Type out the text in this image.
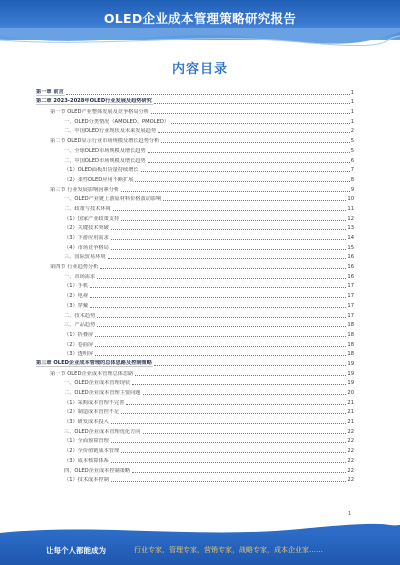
OLED企业成本管理策略研究报告
内容目录
第一章 前言	1
第二章 2023-2028年OLED行业发展及趋势研究	1
第一节 OLED产业整体发展及竞争格局分析	1
一、OLED分类情况（AMOLED、PMOLED）	1
二、中国OLED行业现状及未来发展趋势	2
第二节 OLED显示行业市场规模及增长趋势分析	5
一、全球OLED市场规模及增长趋势	5
二、中国OLED市场规模及增长趋势	6
（1）OLED面板出货量持续增长	7
（2）柔性OLED应用不断扩展	8
第三节 行业发展影响因素分析	9
一、OLED产业链上游原材料价格波动影响	10
二、政策与技术环境	11
（1）国家产业政策支持	12
（2）关键技术突破	13
（3）下游应用需求	14
（4）市场竞争格局	15
三、国际贸易环境	16
第四节 行业趋势分析	16
一、市场需求	16
（1）手机	17
（2）电视	17
（3）穿戴	17
二、技术趋势	17
三、产品趋势	18
（1）折叠屏	18
（2）卷曲屏	18
（3）透明屏	18
第三章 OLED企业成本管理的总体思路及控制策略	19
第一节 OLED企业成本管理总体思路	19
一、OLED企业成本管理现状	19
二、OLED企业成本管理主要问题	20
（1）采购成本管理不完善	21
（2）制造成本管控不足	21
（3）研发成本投入	21
三、OLED企业成本管理优化方向	22
（1）全面预算管理	22
（2）全价值链成本管理	22
（3）成本核算体系	22
四、OLED企业成本控制策略	22
（1）技术成本控制	22
1
让每个人都能成为	行业专家，管理专家，营销专家，战略专家，成本企业家……
